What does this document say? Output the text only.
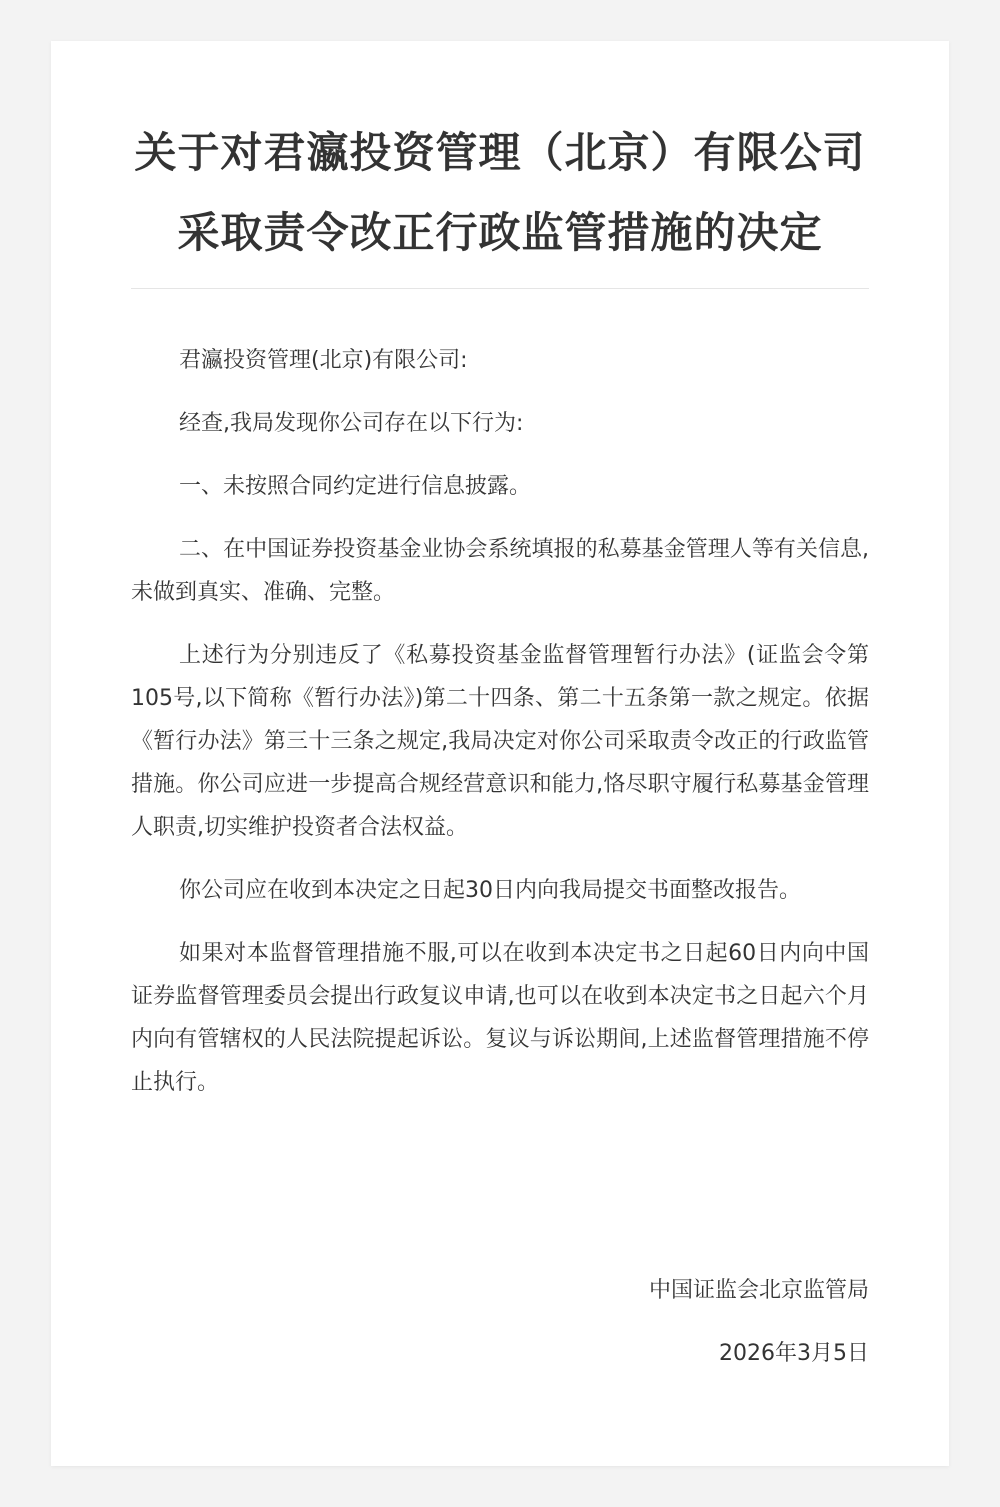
关于对君瀛投资管理（北京）有限公司采取责令改正行政监管措施的决定

君瀛投资管理(北京)有限公司:

经查,我局发现你公司存在以下行为:

一、未按照合同约定进行信息披露。

二、在中国证券投资基金业协会系统填报的私募基金管理人等有关信息,未做到真实、准确、完整。

上述行为分别违反了《私募投资基金监督管理暂行办法》(证监会令第105号,以下简称《暂行办法》)第二十四条、第二十五条第一款之规定。依据《暂行办法》第三十三条之规定,我局决定对你公司采取责令改正的行政监管措施。你公司应进一步提高合规经营意识和能力,恪尽职守履行私募基金管理人职责,切实维护投资者合法权益。

你公司应在收到本决定之日起30日内向我局提交书面整改报告。

如果对本监督管理措施不服,可以在收到本决定书之日起60日内向中国证券监督管理委员会提出行政复议申请,也可以在收到本决定书之日起六个月内向有管辖权的人民法院提起诉讼。复议与诉讼期间,上述监督管理措施不停止执行。

中国证监会北京监管局
2026年3月5日
